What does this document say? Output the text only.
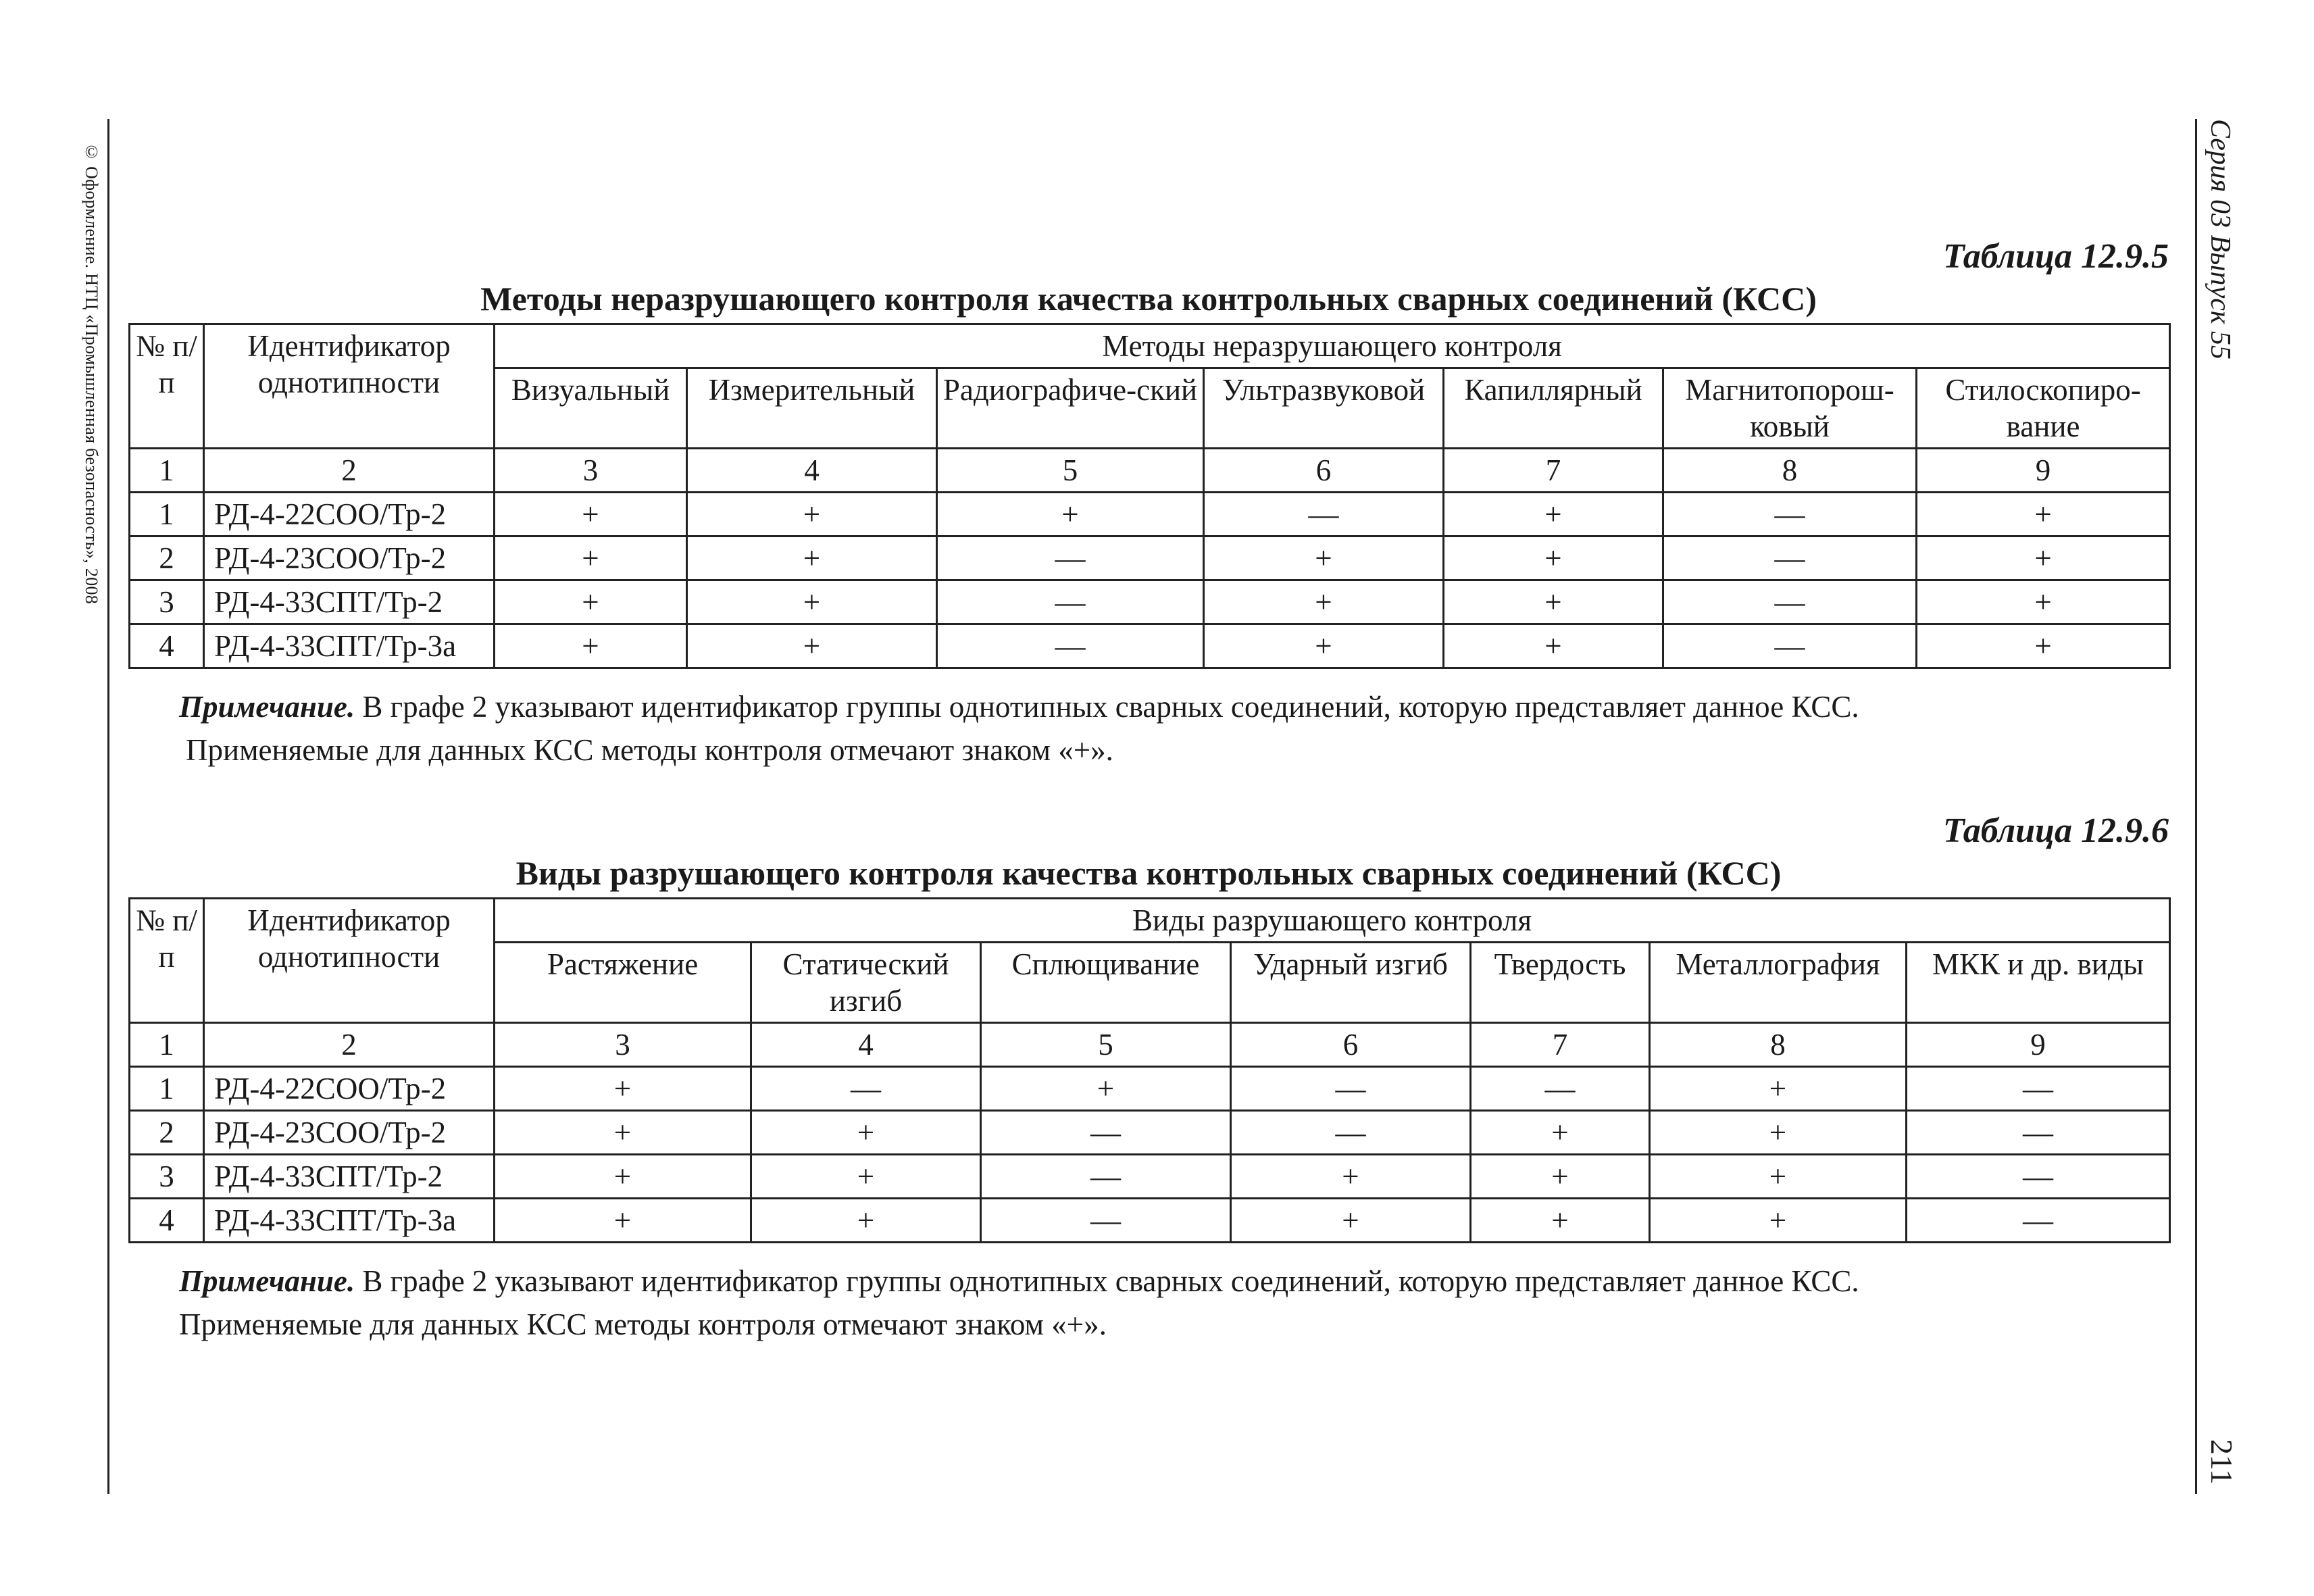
© Оформление. НТЦ «Промышленная безопасность», 2008	Серия 03 Выпуск 55
211
Таблица 12.9.5
Методы неразрушающего контроля качества контрольных сварных соединений (КСС)
№ п/п	Идентификатор однотипности	Методы неразрушающего контроля						
		Визуальный	Измерительный	Радиографиче-ский	Ультразвуковой	Капиллярный	Магнитопорош-ковый	Стилоскопиро-вание
1	2	3	4	5	6	7	8	9
1	РД-4-22СОО/Тр-2	+	+	+	—	+	—	+
2	РД-4-23СОО/Тр-2	+	+	—	+	+	—	+
3	РД-4-33СПТ/Тр-2	+	+	—	+	+	—	+
4	РД-4-33СПТ/Тр-3а	+	+	—	+	+	—	+
Примечание. В графе 2 указывают идентификатор группы однотипных сварных соединений, которую представляет данное КСС.
Применяемые для данных КСС методы контроля отмечают знаком «+».
Таблица 12.9.6
Виды разрушающего контроля качества контрольных сварных соединений (КСС)
№ п/п	Идентификатор однотипности	Виды разрушающего контроля						
		Растяжение	Статический изгиб	Сплющивание	Ударный изгиб	Твердость	Металлография	МКК и др. виды
1	2	3	4	5	6	7	8	9
1	РД-4-22СОО/Тр-2	+	—	+	—	—	+	—
2	РД-4-23СОО/Тр-2	+	+	—	—	+	+	—
3	РД-4-33СПТ/Тр-2	+	+	—	+	+	+	—
4	РД-4-33СПТ/Тр-3а	+	+	—	+	+	+	—
Примечание. В графе 2 указывают идентификатор группы однотипных сварных соединений, которую представляет данное КСС.
Применяемые для данных КСС методы контроля отмечают знаком «+».
